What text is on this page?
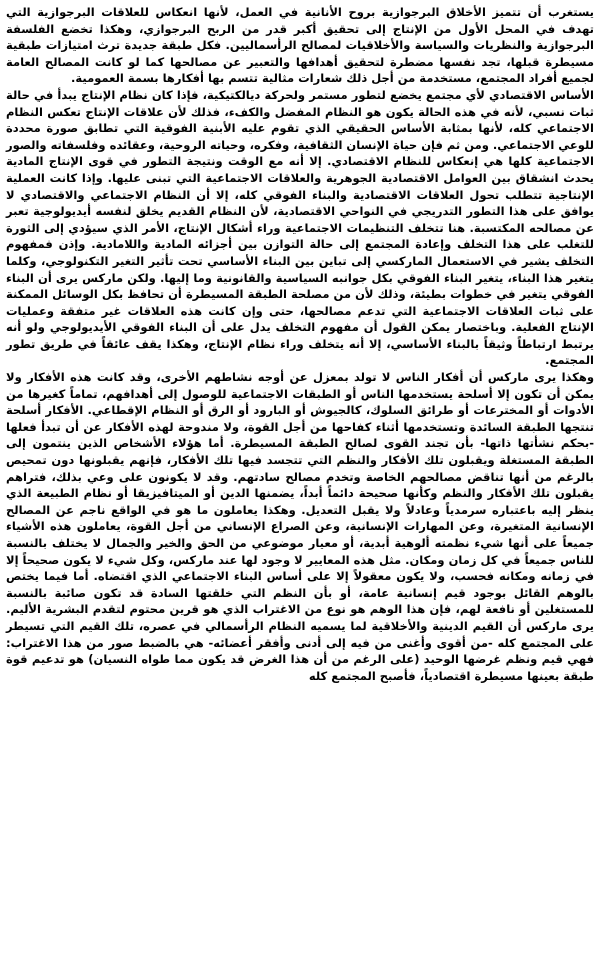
يستغرب أن تتميز الأخلاق البرجوازية بروح الأنانية في العمل، لأنها انعكاس للعلاقات البرجوازية التي تهدف في المحل الأول من الإنتاج إلى تحقيق أكبر قدر من الربح البرجوازي، وهكذا تخضع الفلسفة البرجوازية والنظريات والسياسة والأخلاقيات لمصالح الرأسماليين. فكل طبقة جديدة ترث امتيازات طبقية مسيطرة قبلها، تجد نفسها مضطرة لتحقيق أهدافها والتعبير عن مصالحها كما لو كانت المصالح العامة لجميع أفراد المجتمع، مستخدمة من أجل ذلك شعارات مثالية تتسم بها أفكارها بسمة العمومية.

الأساس الاقتصادي لأي مجتمع يخضع لتطور مستمر ولحركة ديالكتيكية، فإذا كان نظام الإنتاج يبدأ في حالة ثبات نسبي، لأنه في هذه الحالة يكون هو النظام المفضل والكفء، فذلك لأن علاقات الإنتاج تعكس النظام الاجتماعي كله، لأنها بمثابة الأساس الحقيقي الذي تقوم عليه الأبنية الفوقية التي تطابق صورة محددة للوعي الاجتماعي. ومن ثم فإن حياة الإنسان الثقافية، وفكره، وحياته الروحية، وعقائده وفلسفاته والصور الاجتماعية كلها هي إنعكاس للنظام الاقتصادي. إلا أنه مع الوقت ونتيجة التطور في قوى الإنتاج المادية يحدث انشقاق بين العوامل الاقتصادية الجوهرية والعلاقات الاجتماعية التي تبنى عليها. وإذا كانت العملية الإنتاجية تتطلب تحول العلاقات الاقتصادية والبناء الفوقي كله، إلا أن النظام الاجتماعي والاقتصادي لا يوافق على هذا التطور التدريجي في النواحي الاقتصادية، لأن النظام القديم يخلق لنفسه أيديولوجية تعبر عن مصالحه المكتسبة. هنا تتخلف التنظيمات الاجتماعية وراء أشكال الإنتاج، الأمر الذي سيؤدي إلى الثورة للتغلب على هذا التخلف وإعادة المجتمع إلى حالة التوازن بين أجزائه المادية واللامادية. وإذن فمفهوم التخلف يشير في الاستعمال الماركسي إلى تباين بين البناء الأساسي تحت تأثير التغير التكنولوجي، وكلما يتغير هذا البناء، يتغير البناء الفوقي بكل جوانبه السياسية والقانونية وما إليها. ولكن ماركس يرى أن البناء الفوقي يتغير في خطوات بطيئة، وذلك لأن من مصلحة الطبقة المسيطرة أن تحافظ بكل الوسائل الممكنة على ثبات العلاقات الاجتماعية التي تدعم مصالحها، حتى وإن كانت هذه العلاقات غير متفقة وعمليات الإنتاج الفعلية. وباختصار يمكن القول أن مفهوم التخلف يدل على أن البناء الفوقي الأيديولوجي ولو أنه يرتبط ارتباطاً وثيقاً بالبناء الأساسي، إلا أنه يتخلف وراء نظام الإنتاج، وهكذا يقف عائقاً في طريق تطور المجتمع.

وهكذا يرى ماركس أن أفكار الناس لا تولد بمعزل عن أوجه نشاطهم الأخرى، وقد كانت هذه الأفكار ولا يمكن أن تكون إلا أسلحة يستخدمها الناس أو الطبقات الاجتماعية للوصول إلى أهدافهم، تماماً كغيرها من الأدوات أو المخترعات أو طرائق السلوك، كالجيوش أو البارود أو الرق أو النظام الإقطاعي. الأفكار أسلحة تنتجها الطبقة السائدة وتستخدمها أثناء كفاحها من أجل القوة، ولا مندوحة لهذه الأفكار عن أن تبدأ فعلها -بحكم نشأتها ذاتها- بأن تجند القوى لصالح الطبقة المسيطرة. أما هؤلاء الأشخاص الذين ينتمون إلى الطبقة المستغلة ويقبلون تلك الأفكار والنظم التي تتجسد فيها تلك الأفكار، فإنهم يقبلونها دون تمحيص بالرغم من أنها تناقض مصالحهم الخاصة وتخدم مصالح سادتهم. وقد لا يكونون على وعي بذلك، فتراهم يقبلون تلك الأفكار والنظم وكأنها صحيحة دائماً أبداً، يضمنها الدين أو الميتافيزيقا أو نظام الطبيعة الذي ينظر إليه باعتباره سرمدياً وعادلاً ولا يقبل التعديل. وهكذا يعاملون ما هو في الواقع ناجم عن المصالح الإنسانية المتغيرة، وعن المهارات الإنسانية، وعن الصراع الإنساني من أجل القوة، يعاملون هذه الأشياء جميعاً على أنها شيء نظمته ألوهية أبدية، أو معيار موضوعي من الحق والخير والجمال لا يختلف بالنسبة للناس جميعاً في كل زمان ومكان. مثل هذه المعايير لا وجود لها عند ماركس، وكل شيء لا يكون صحيحاً إلا في زمانه ومكانه فحسب، ولا يكون معقولاً إلا على أساس البناء الاجتماعي الذي اقتضاه. أما فيما يختص بالوهم القائل بوجود قيم إنسانية عامة، أو بأن النظم التي خلقتها السادة قد تكون صائبة بالنسبة للمستغلين أو نافعة لهم، فإن هذا الوهم هو نوع من الاغتراب الذي هو قرين محتوم لتقدم البشرية الأليم. يرى ماركس أن القيم الدينية والأخلاقية لما يسميه النظام الرأسمالي في عصره، تلك القيم التي تسيطر على المجتمع كله -من أقوى وأغنى من فيه إلى أدنى وأفقر أعضائه- هي بالضبط صور من هذا الاغتراب: فهي قيم ونظم غرضها الوحيد (على الرغم من أن هذا الغرض قد يكون مما طواه النسيان) هو تدعيم قوة طبقة بعينها مسيطرة اقتصادياً، فأصبح المجتمع كله
